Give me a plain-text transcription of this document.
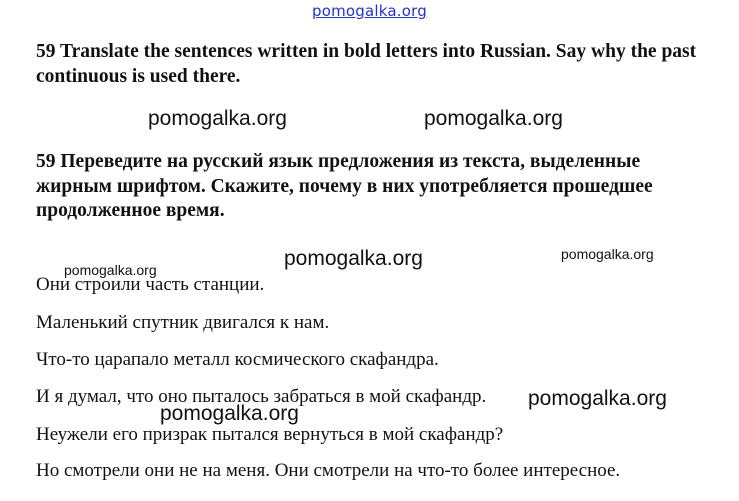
pomogalka.org
59 Translate the sentences written in bold letters into Russian. Say why the past continuous is used there.
pomogalka.org	pomogalka.org
59 Переведите на русский язык предложения из текста, выделенные жирным шрифтом. Скажите, почему в них употребляется прошедшее продолженное время.
pomogalka.org	pomogalka.org
pomogalka.org
Они строили часть станции.
Маленький спутник двигался к нам.
Что-то царапало металл космического скафандра.
И я думал, что оно пыталось забраться в мой скафандр. pomogalka.org
pomogalka.org
Неужели его призрак пытался вернуться в мой скафандр?
Но смотрели они не на меня. Они смотрели на что-то более интересное.
